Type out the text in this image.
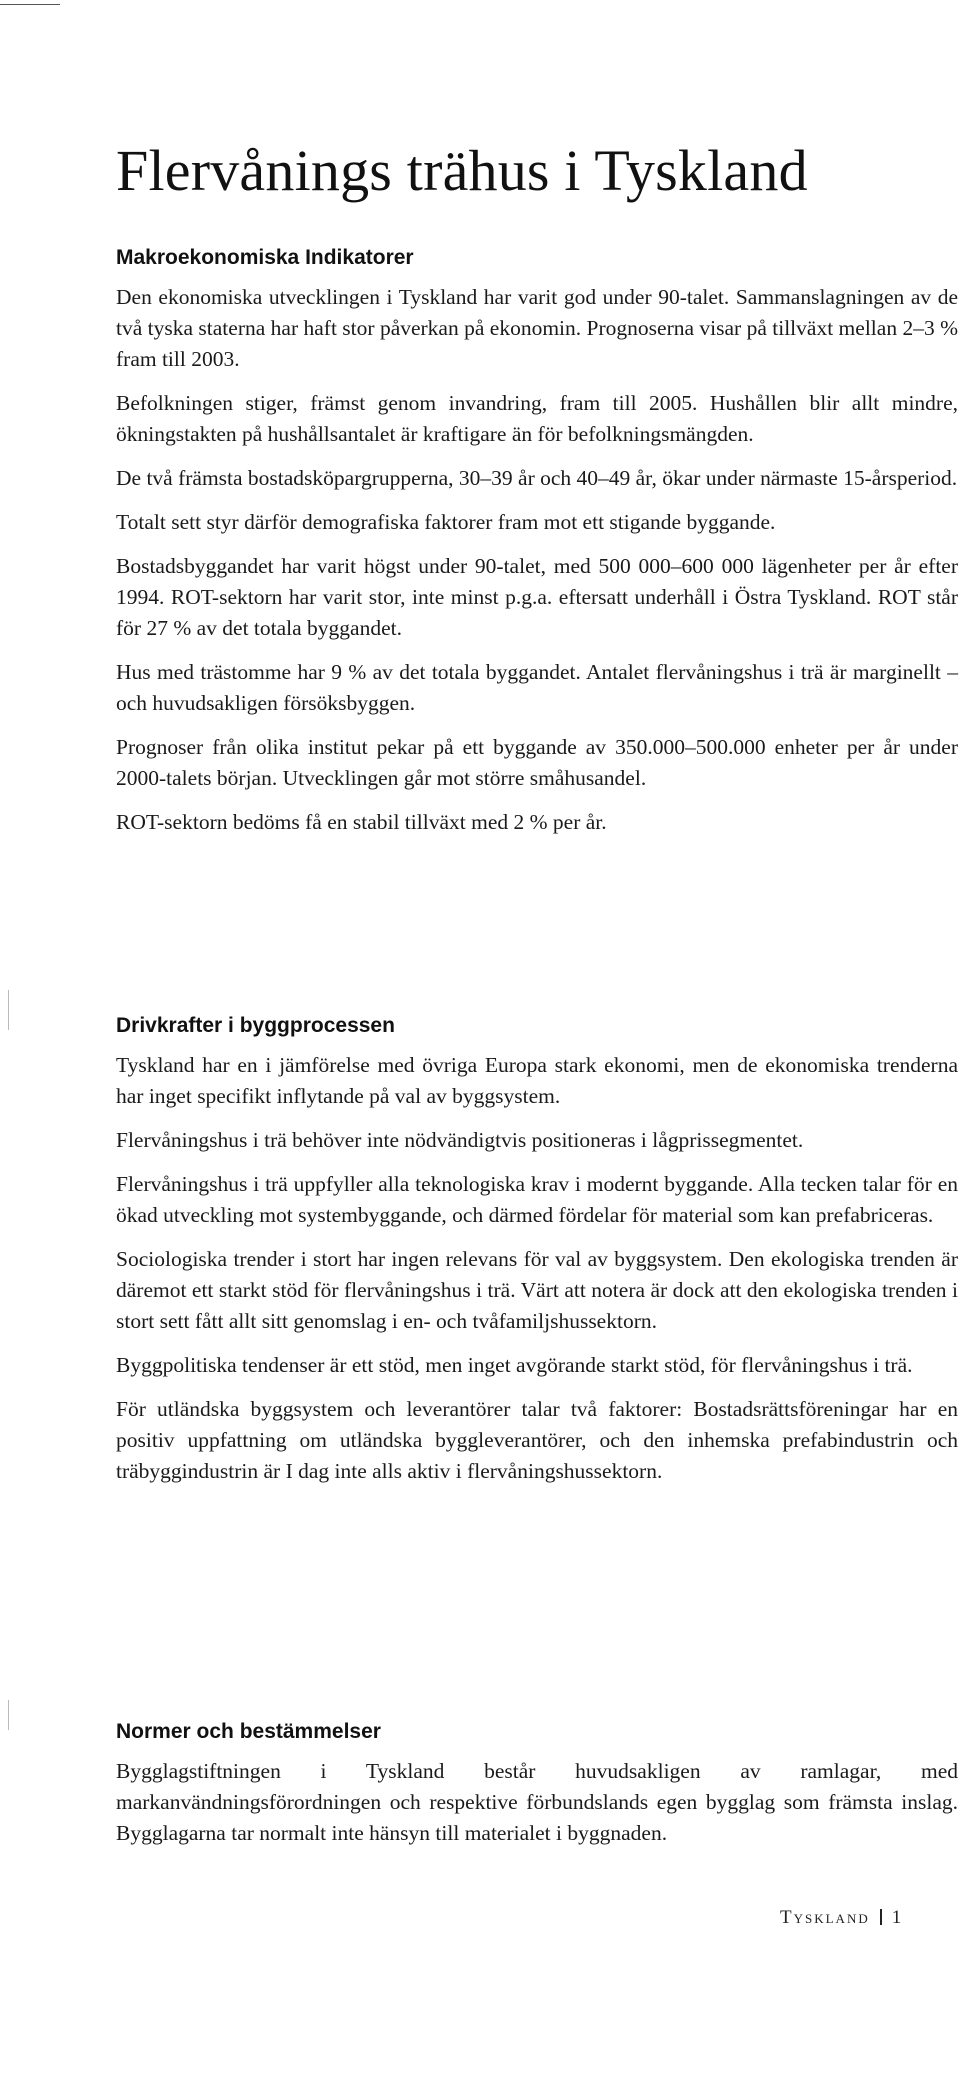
Flervånings trähus i Tyskland
Makroekonomiska Indikatorer

Den ekonomiska utvecklingen i Tyskland har varit god under 90-talet. Sammanslagningen av de två tyska staterna har haft stor påverkan på ekonomin. Prognoserna visar på tillväxt mellan 2–3 % fram till 2003.

Befolkningen stiger, främst genom invandring, fram till 2005. Hushållen blir allt mindre, ökningstakten på hushållsantalet är kraftigare än för befolkningsmängden.

De två främsta bostadsköpargrupperna, 30–39 år och 40–49 år, ökar under närmaste 15-årsperiod.

Totalt sett styr därför demografiska faktorer fram mot ett stigande byggande.

Bostadsbyggandet har varit högst under 90-talet, med 500 000–600 000 lägenheter per år efter 1994. ROT-sektorn har varit stor, inte minst p.g.a. eftersatt underhåll i Östra Tyskland. ROT står för 27 % av det totala byggandet.

Hus med trästomme har 9 % av det totala byggandet. Antalet flervåningshus i trä är marginellt – och huvudsakligen försöksbyggen.

Prognoser från olika institut pekar på ett byggande av 350.000–500.000 enheter per år under 2000-talets början. Utvecklingen går mot större småhusandel.

ROT-sektorn bedöms få en stabil tillväxt med 2 % per år.

Drivkrafter i byggprocessen

Tyskland har en i jämförelse med övriga Europa stark ekonomi, men de ekonomiska trenderna har inget specifikt inflytande på val av byggsystem.

Flervåningshus i trä behöver inte nödvändigtvis positioneras i lågprissegmentet.

Flervåningshus i trä uppfyller alla teknologiska krav i modernt byggande. Alla tecken talar för en ökad utveckling mot systembyggande, och därmed fördelar för material som kan prefabriceras.

Sociologiska trender i stort har ingen relevans för val av byggsystem. Den ekologiska trenden är däremot ett starkt stöd för flervåningshus i trä. Värt att notera är dock att den ekologiska trenden i stort sett fått allt sitt genomslag i en- och tvåfamiljshussektorn.

Byggpolitiska tendenser är ett stöd, men inget avgörande starkt stöd, för flervåningshus i trä.

För utländska byggsystem och leverantörer talar två faktorer: Bostadsrättsföreningar har en positiv uppfattning om utländska byggleverantörer, och den inhemska prefabindustrin och träbyggindustrin är I dag inte alls aktiv i flervåningshussektorn.

Normer och bestämmelser

Bygglagstiftningen i Tyskland består huvudsakligen av ramlagar, med markanvändningsförordningen och respektive förbundslands egen bygglag som främsta inslag. Bygglagarna tar normalt inte hänsyn till materialet i byggnaden.

Tyskland 1
